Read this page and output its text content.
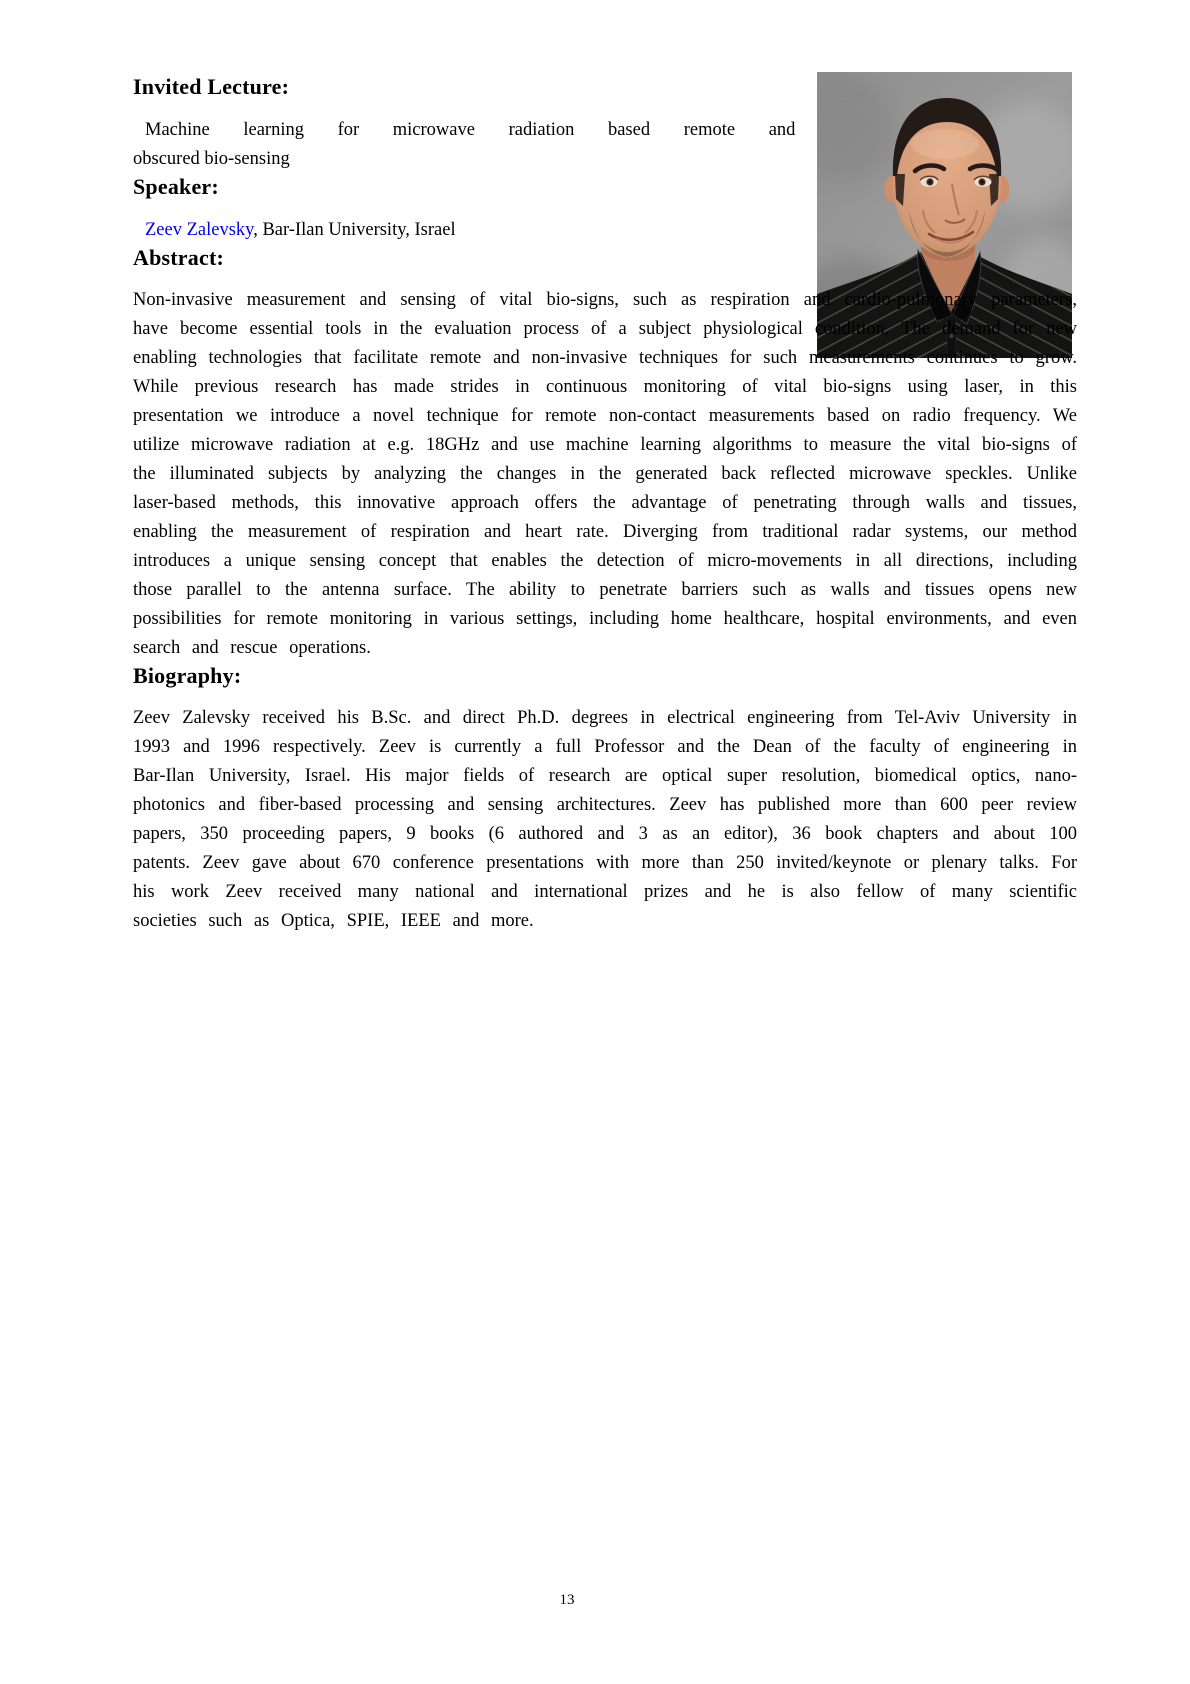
Invited Lecture:

Machine learning for microwave radiation based remote and
obscured bio-sensing

Speaker:

Zeev Zalevsky, Bar-Ilan University, Israel

Abstract:

Non-invasive measurement and sensing of vital bio-signs, such as respiration and cardio-pulmonary parameters, have become essential tools in the evaluation process of a subject physiological condition. The demand for new enabling technologies that facilitate remote and non-invasive techniques for such measurements continues to grow. While previous research has made strides in continuous monitoring of vital bio-signs using laser, in this presentation we introduce a novel technique for remote non-contact measurements based on radio frequency. We utilize microwave radiation at e.g. 18GHz and use machine learning algorithms to measure the vital bio-signs of the illuminated subjects by analyzing the changes in the generated back reflected microwave speckles. Unlike laser-based methods, this innovative approach offers the advantage of penetrating through walls and tissues, enabling the measurement of respiration and heart rate. Diverging from traditional radar systems, our method introduces a unique sensing concept that enables the detection of micro-movements in all directions, including those parallel to the antenna surface. The ability to penetrate barriers such as walls and tissues opens new possibilities for remote monitoring in various settings, including home healthcare, hospital environments, and even search and rescue operations.

Biography:

Zeev Zalevsky received his B.Sc. and direct Ph.D. degrees in electrical engineering from Tel-Aviv University in 1993 and 1996 respectively. Zeev is currently a full Professor and the Dean of the faculty of engineering in Bar-Ilan University, Israel. His major fields of research are optical super resolution, biomedical optics, nano-photonics and fiber-based processing and sensing architectures. Zeev has published more than 600 peer review papers, 350 proceeding papers, 9 books (6 authored and 3 as an editor), 36 book chapters and about 100 patents. Zeev gave about 670 conference presentations with more than 250 invited/keynote or plenary talks. For his work Zeev received many national and international prizes and he is also fellow of many scientific societies such as Optica, SPIE, IEEE and more.

13
